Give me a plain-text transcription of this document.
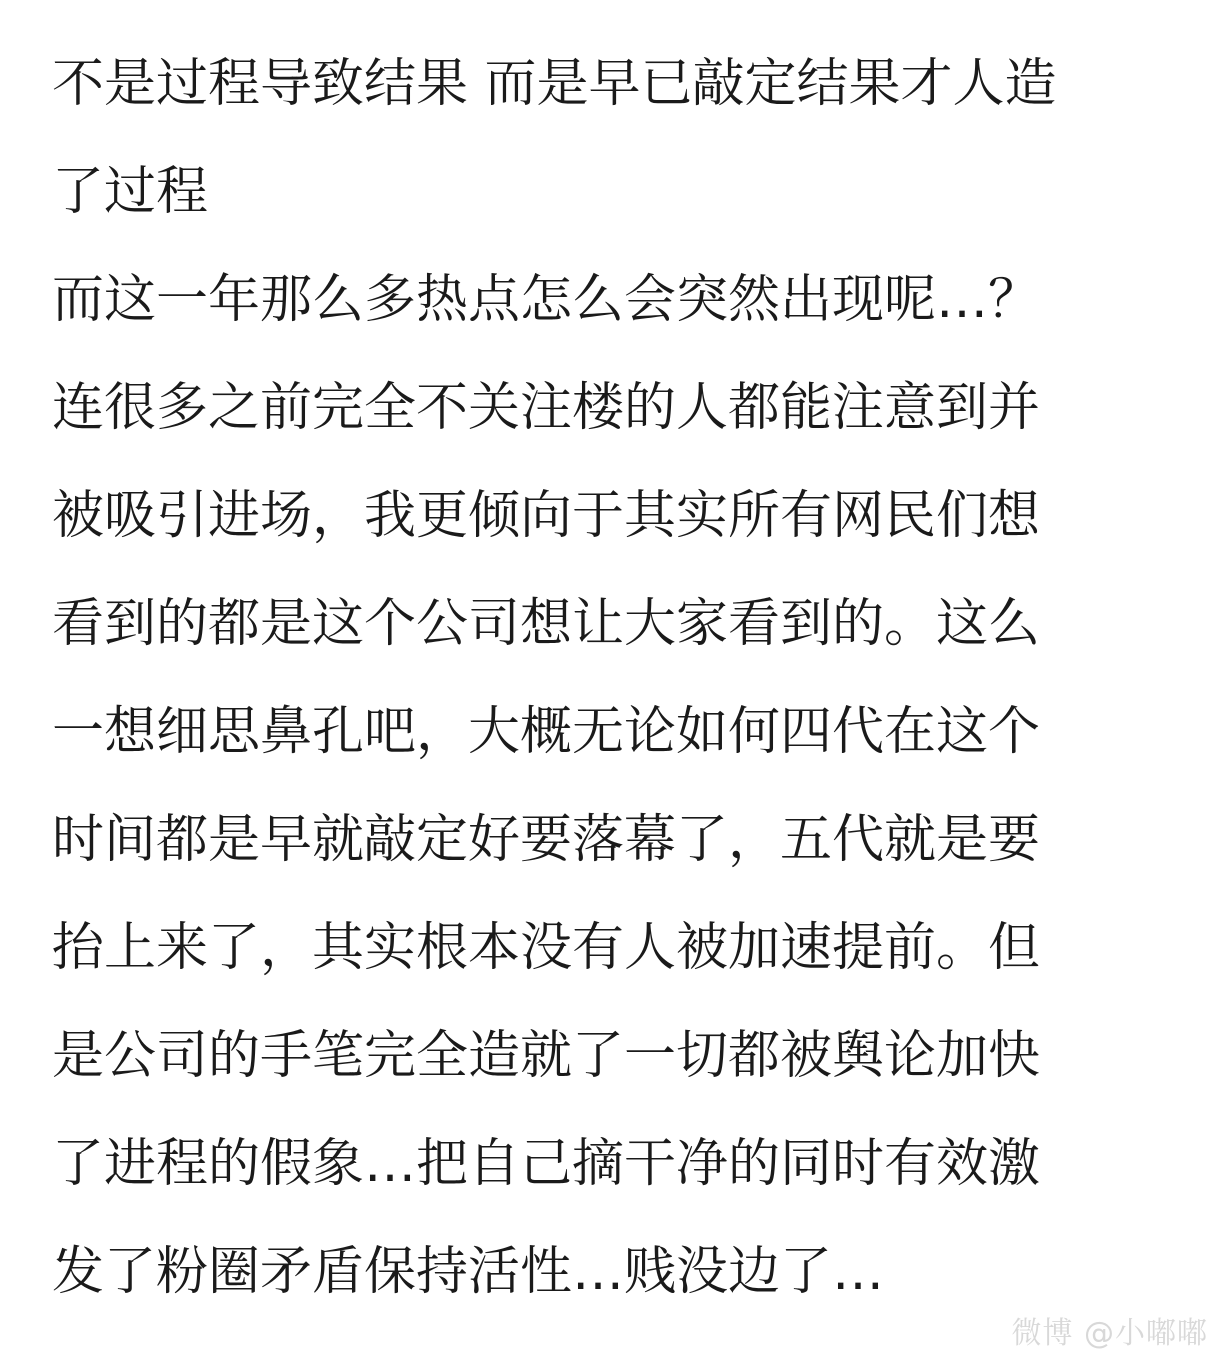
不是过程导致结果 而是早已敲定结果才人造
了过程
而这一年那么多热点怎么会突然出现呢…？
连很多之前完全不关注楼的人都能注意到并
被吸引进场，我更倾向于其实所有网民们想
看到的都是这个公司想让大家看到的。这么
一想细思鼻孔吧，大概无论如何四代在这个
时间都是早就敲定好要落幕了，五代就是要
抬上来了，其实根本没有人被加速提前。但
是公司的手笔完全造就了一切都被舆论加快
了进程的假象…把自己摘干净的同时有效激
发了粉圈矛盾保持活性…贱没边了…
微博 @小嘟嘟
